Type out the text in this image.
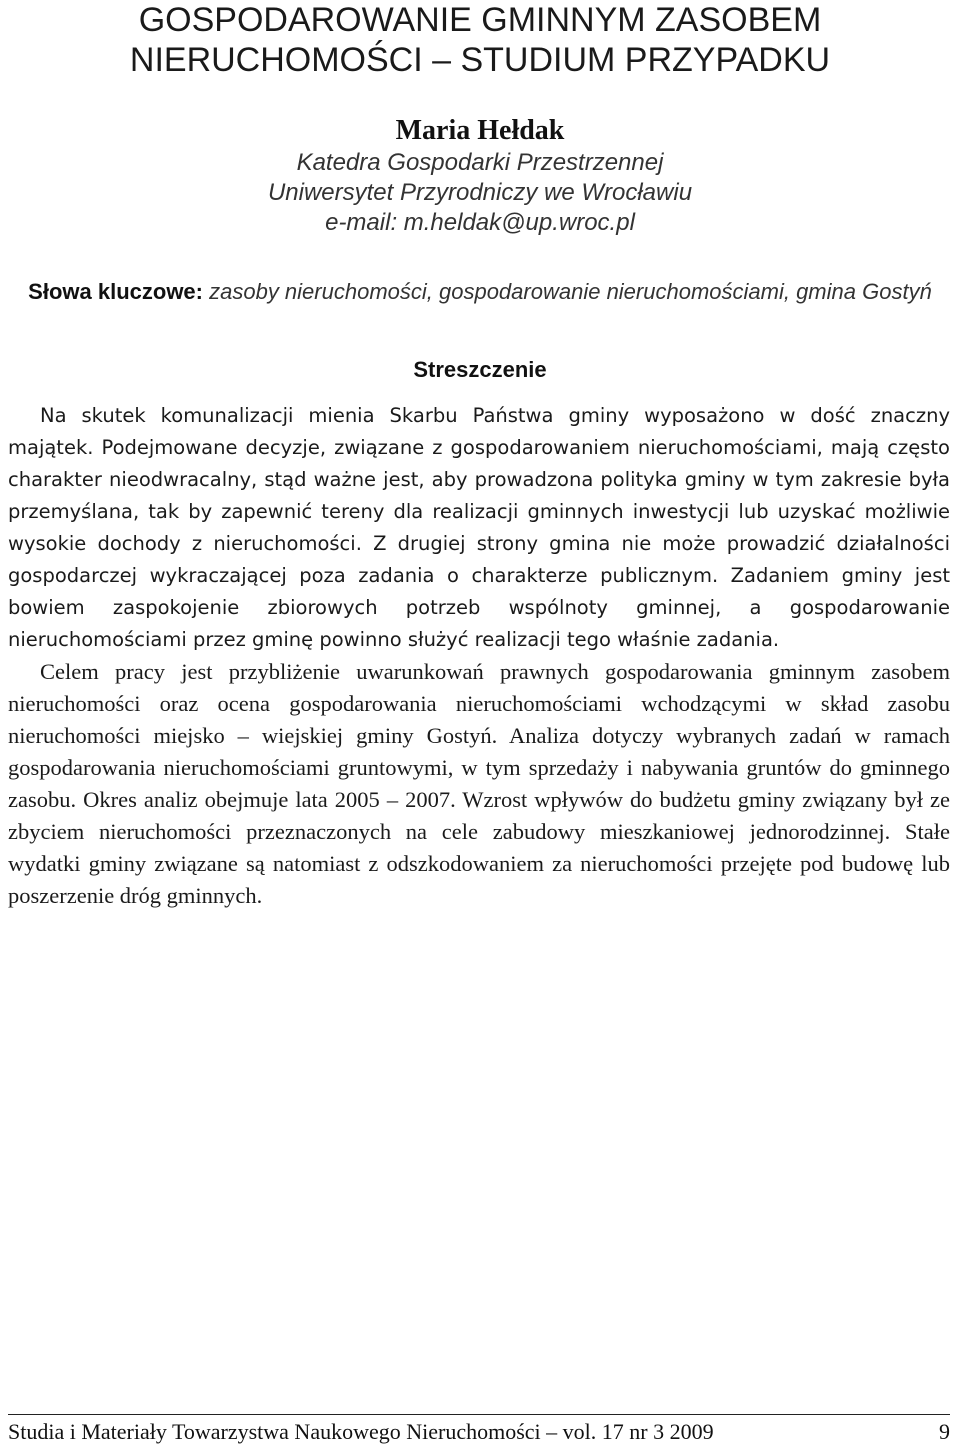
GOSPODAROWANIE GMINNYM ZASOBEM
NIERUCHOMOŚCI – STUDIUM PRZYPADKU
Maria Hełdak
Katedra Gospodarki Przestrzennej
Uniwersytet Przyrodniczy we Wrocławiu
e-mail: m.heldak@up.wroc.pl
Słowa kluczowe: zasoby nieruchomości, gospodarowanie nieruchomościami, gmina Gostyń
Streszczenie

Na skutek komunalizacji mienia Skarbu Państwa gminy wyposażono w dość znaczny majątek. Podejmowane decyzje, związane z gospodarowaniem nieruchomościami, mają często charakter nieodwracalny, stąd ważne jest, aby prowadzona polityka gminy w tym zakresie była przemyślana, tak by zapewnić tereny dla realizacji gminnych inwestycji lub uzyskać możliwie wysokie dochody z nieruchomości. Z drugiej strony gmina nie może prowadzić działalności gospodarczej wykraczającej poza zadania o charakterze publicznym. Zadaniem gminy jest bowiem zaspokojenie zbiorowych potrzeb wspólnoty gminnej, a gospodarowanie nieruchomościami przez gminę powinno służyć realizacji tego właśnie zadania.

Celem pracy jest przybliżenie uwarunkowań prawnych gospodarowania gminnym zasobem nieruchomości oraz ocena gospodarowania nieruchomościami wchodzącymi w skład zasobu nieruchomości miejsko – wiejskiej gminy Gostyń. Analiza dotyczy wybranych zadań w ramach gospodarowania nieruchomościami gruntowymi, w tym sprzedaży i nabywania gruntów do gminnego zasobu. Okres analiz obejmuje lata 2005 – 2007. Wzrost wpływów do budżetu gminy związany był ze zbyciem nieruchomości przeznaczonych na cele zabudowy mieszkaniowej jednorodzinnej. Stałe wydatki gminy związane są natomiast z odszkodowaniem za nieruchomości przejęte pod budowę lub poszerzenie dróg gminnych.

Studia i Materiały Towarzystwa Naukowego Nieruchomości – vol. 17 nr 3 2009	9
